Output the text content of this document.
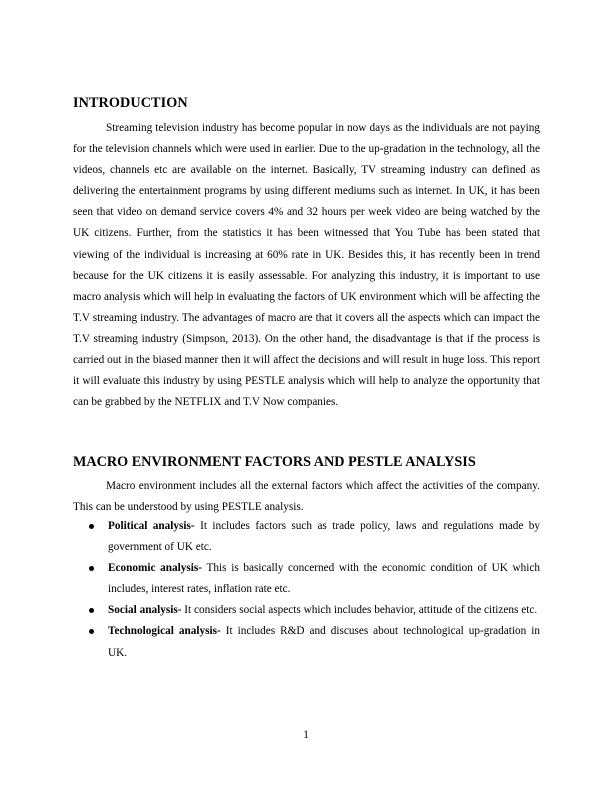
INTRODUCTION

Streaming television industry has become popular in now days as the individuals are not paying for the television channels which were used in earlier. Due to the up-gradation in the technology, all the videos, channels etc are available on the internet. Basically, TV streaming industry can defined as delivering the entertainment programs by using different mediums such as internet. In UK, it has been seen that video on demand service covers 4% and 32 hours per week video are being watched by the UK citizens. Further, from the statistics it has been witnessed that You Tube has been stated that viewing of the individual is increasing at 60% rate in UK. Besides this, it has recently been in trend because for the UK citizens it is easily assessable. For analyzing this industry, it is important to use macro analysis which will help in evaluating the factors of UK environment which will be affecting the T.V streaming industry. The advantages of macro are that it covers all the aspects which can impact the T.V streaming industry (Simpson, 2013). On the other hand, the disadvantage is that if the process is carried out in the biased manner then it will affect the decisions and will result in huge loss. This report it will evaluate this industry by using PESTLE analysis which will help to analyze the opportunity that can be grabbed by the NETFLIX and T.V Now companies.

MACRO ENVIRONMENT FACTORS AND PESTLE ANALYSIS

Macro environment includes all the external factors which affect the activities of the company. This can be understood by using PESTLE analysis.

Political analysis- It includes factors such as trade policy, laws and regulations made by government of UK etc.
Economic analysis- This is basically concerned with the economic condition of UK which includes, interest rates, inflation rate etc.
Social analysis- It considers social aspects which includes behavior, attitude of the citizens etc.
Technological analysis- It includes R&D and discuses about technological up-gradation in UK.
1
